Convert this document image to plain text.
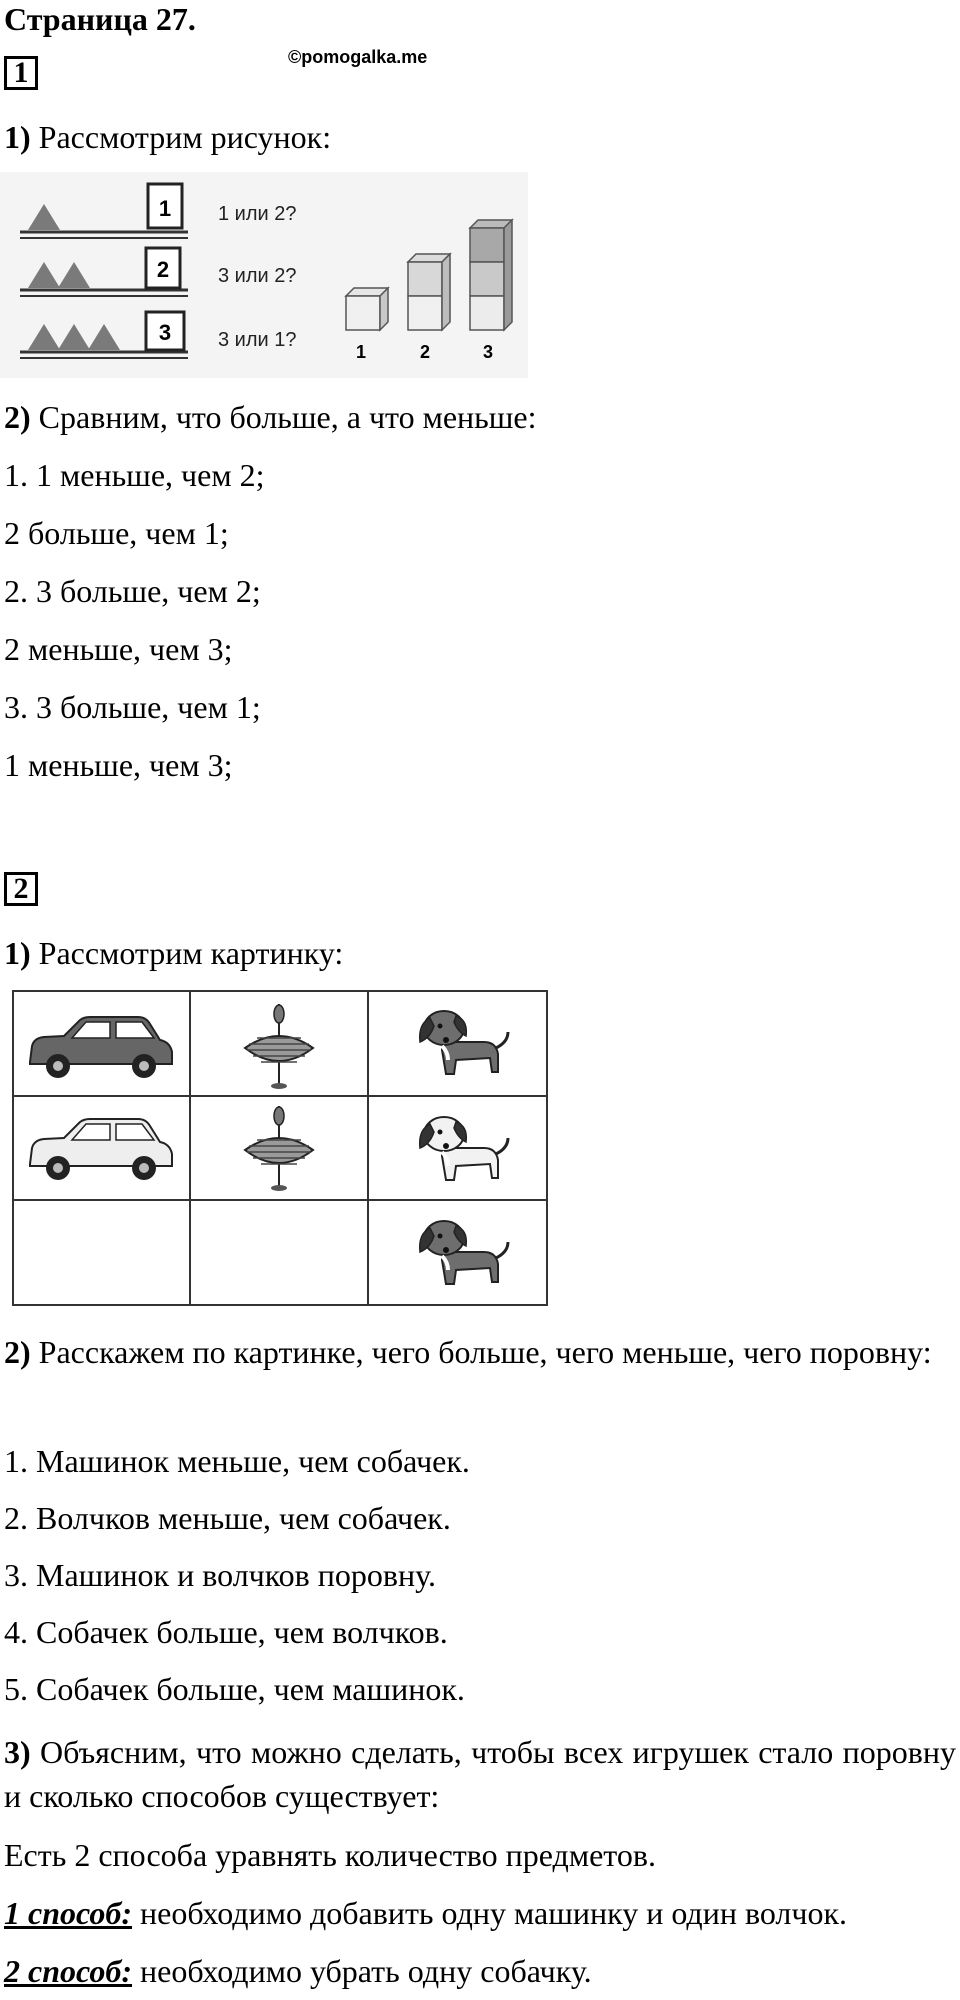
Страница 27.
©pomogalka.me
1
1) Рассмотрим рисунок:
1 1 или 2?
2 3 или 2?
3 3 или 1?
1	2	3
2) Сравним, что больше, а что меньше:
1. 1 меньше, чем 2;
2 больше, чем 1;
2. 3 больше, чем 2;
2 меньше, чем 3;
3. 3 больше, чем 1;
1 меньше, чем 3;
2
1) Рассмотрим картинку:
2) Расскажем по картинке, чего больше, чего меньше, чего поровну:
1. Машинок меньше, чем собачек.
2. Волчков меньше, чем собачек.
3. Машинок и волчков поровну.
4. Собачек больше, чем волчков.
5. Собачек больше, чем машинок.
3) Объясним, что можно сделать, чтобы всех игрушек стало поровну и сколько способов существует:
Есть 2 способа уравнять количество предметов.
1 способ: необходимо добавить одну машинку и один волчок.
2 способ: необходимо убрать одну собачку.
